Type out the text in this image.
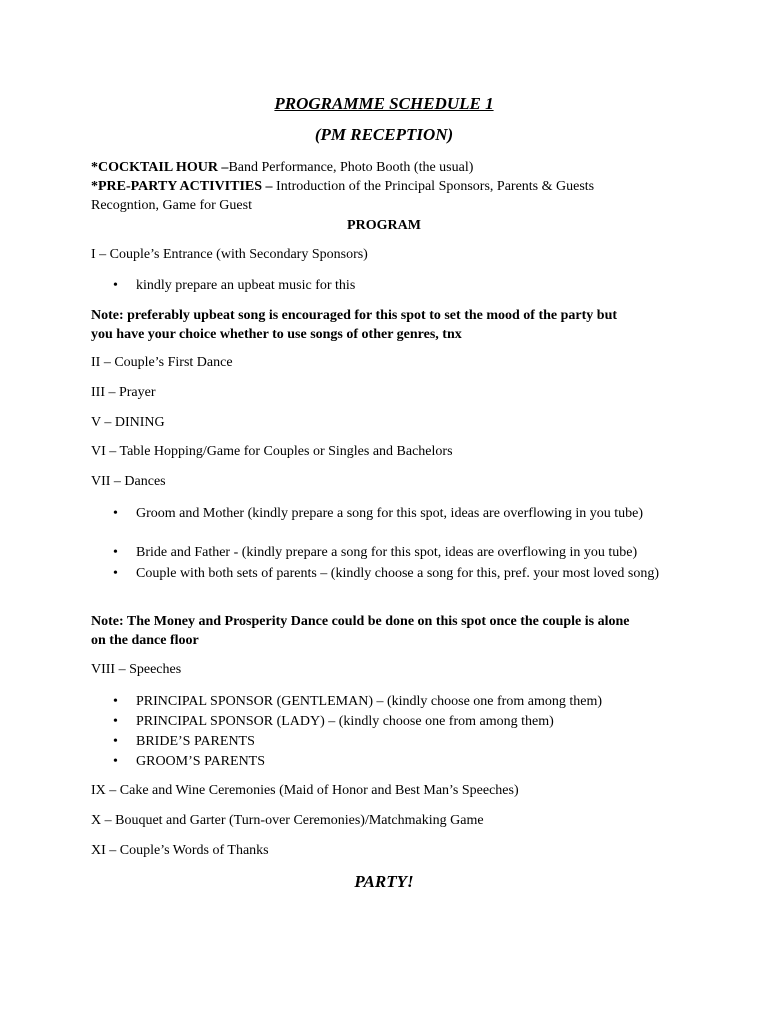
PROGRAMME SCHEDULE 1
(PM RECEPTION)
*COCKTAIL HOUR –Band Performance, Photo Booth (the usual)
*PRE-PARTY ACTIVITIES – Introduction of the Principal Sponsors, Parents & Guests
Recogntion, Game for Guest
PROGRAM
I – Couple’s Entrance (with Secondary Sponsors)
• kindly prepare an upbeat music for this
Note: preferably upbeat song is encouraged for this spot to set the mood of the party but
you have your choice whether to use songs of other genres, tnx
II – Couple’s First Dance
III – Prayer
V – DINING
VI – Table Hopping/Game for Couples or Singles and Bachelors
VII – Dances
• Groom and Mother (kindly prepare a song for this spot, ideas are overflowing in you tube)
• Bride and Father - (kindly prepare a song for this spot, ideas are overflowing in you tube)
• Couple with both sets of parents – (kindly choose a song for this, pref. your most loved song)
Note: The Money and Prosperity Dance could be done on this spot once the couple is alone
on the dance floor
VIII – Speeches
• PRINCIPAL SPONSOR (GENTLEMAN) – (kindly choose one from among them)
• PRINCIPAL SPONSOR (LADY) – (kindly choose one from among them)
• BRIDE’S PARENTS
• GROOM’S PARENTS
IX – Cake and Wine Ceremonies (Maid of Honor and Best Man’s Speeches)
X – Bouquet and Garter (Turn-over Ceremonies)/Matchmaking Game
XI – Couple’s Words of Thanks
PARTY!
